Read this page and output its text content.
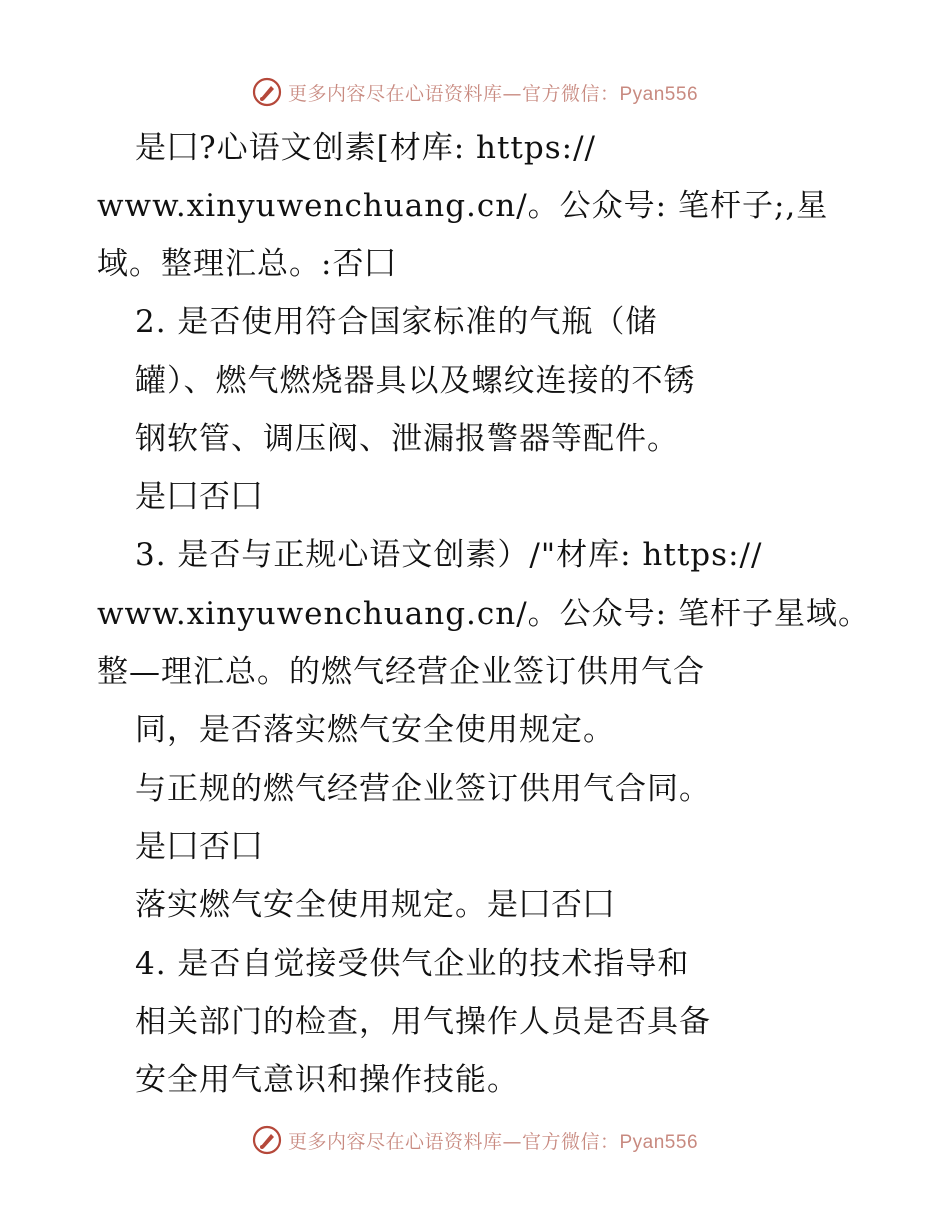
更多内容尽在心语资料库—官方微信：Pyan556
是囗?心语文创素[材库: https://
www.xinyuwenchuang.cn/。公众号: 笔杆子;,星
域。整理汇总。:否囗
2. 是否使用符合国家标准的气瓶（储
罐）、燃气燃烧器具以及螺纹连接的不锈
钢软管、调压阀、泄漏报警器等配件。
是囗否囗
3. 是否与正规心语文创素）/"材库: https://
www.xinyuwenchuang.cn/。公众号: 笔杆子星域。
整—理汇总。的燃气经营企业签订供用气合
同，是否落实燃气安全使用规定。
与正规的燃气经营企业签订供用气合同。
是囗否囗
落实燃气安全使用规定。是囗否囗
4. 是否自觉接受供气企业的技术指导和
相关部门的检查，用气操作人员是否具备
安全用气意识和操作技能。
更多内容尽在心语资料库—官方微信：Pyan556
